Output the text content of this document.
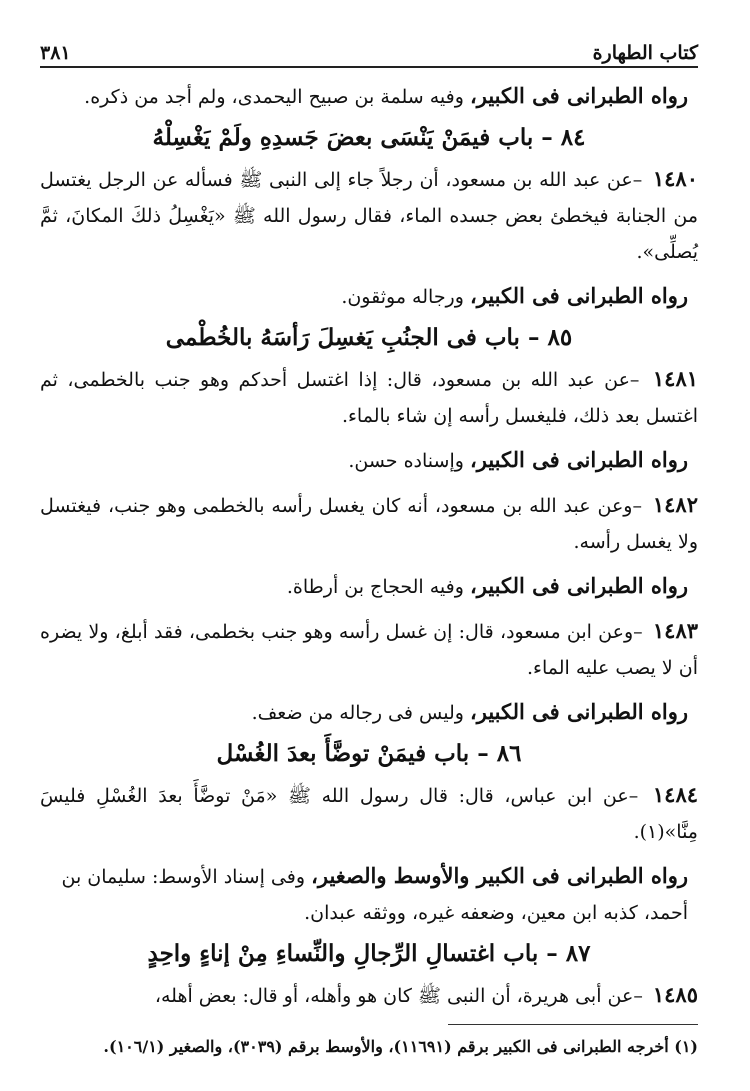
كتاب الطهارة
٣٨١
رواه الطبرانى فى الكبير، وفيه سلمة بن صبيح اليحمدى، ولم أجد من ذكره.
٨٤ – باب فيمَنْ يَنْسَى بعضَ جَسدِهِ ولَمْ يَغْسِلْهُ

١٤٨٠ –عن عبد الله بن مسعود، أن رجلاً جاء إلى النبى ﷺ فسأله عن الرجل يغتسل من الجنابة فيخطئ بعض جسده الماء، فقال رسول الله ﷺ «يَغْسِلُ ذلكَ المكانَ، ثمَّ يُصلِّى».

رواه الطبرانى فى الكبير، ورجاله موثقون.
٨٥ – باب فى الجنُبِ يَغسِلَ رَأسَهُ بالخُطْمى

١٤٨١ –عن عبد الله بن مسعود، قال: إذا اغتسل أحدكم وهو جنب بالخطمى، ثم اغتسل بعد ذلك، فليغسل رأسه إن شاء بالماء.

رواه الطبرانى فى الكبير، وإسناده حسن.

١٤٨٢ –وعن عبد الله بن مسعود، أنه كان يغسل رأسه بالخطمى وهو جنب، فيغتسل ولا يغسل رأسه.

رواه الطبرانى فى الكبير، وفيه الحجاج بن أرطاة.

١٤٨٣ –وعن ابن مسعود، قال: إن غسل رأسه وهو جنب بخطمى، فقد أبلغ، ولا يضره أن لا يصب عليه الماء.

رواه الطبرانى فى الكبير، وليس فى رجاله من ضعف.
٨٦ – باب فيمَنْ توضَّأَ بعدَ الغُسْل

١٤٨٤ –عن ابن عباس، قال: قال رسول الله ﷺ «مَنْ توضَّأَ بعدَ الغُسْلِ فليسَ مِنَّا»(١).

رواه الطبرانى فى الكبير والأوسط والصغير، وفى إسناد الأوسط: سليمان بن أحمد، كذبه ابن معين، وضعفه غيره، ووثقه عبدان.
٨٧ – باب اغتسالِ الرِّجالِ والنِّساءِ مِنْ إناءٍ واحِدٍ

١٤٨٥ –عن أبى هريرة، أن النبى ﷺ كان هو وأهله، أو قال: بعض أهله،

(١) أخرجه الطبرانى فى الكبير برقم (١١٦٩١)، والأوسط برقم (٣٠٣٩)، والصغير (١٠٦/١).
